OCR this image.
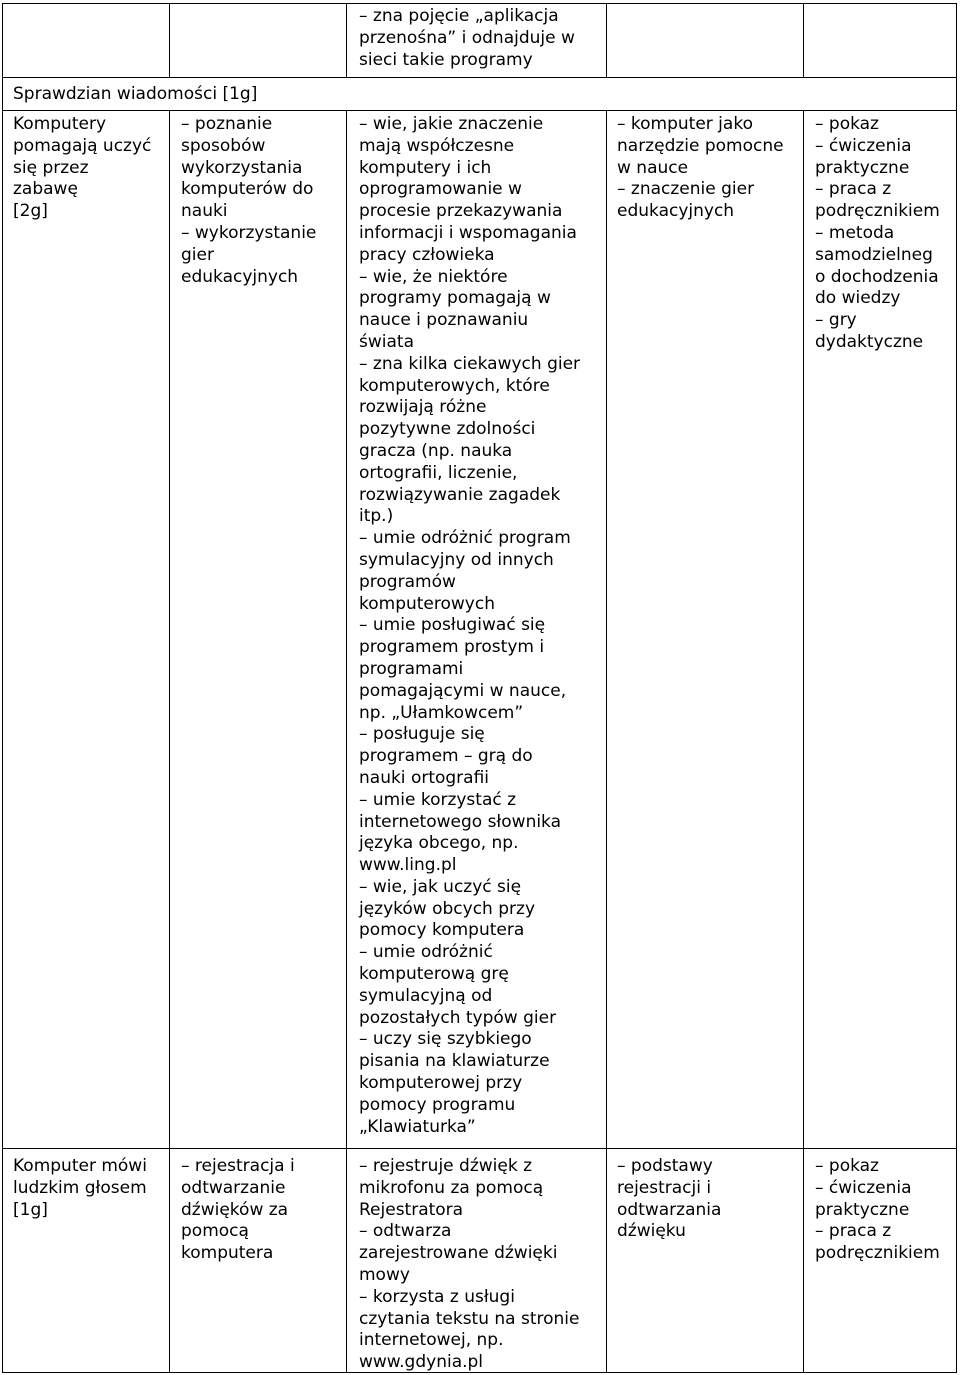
Sprawdzian wiadomości [1g]
– zna pojęcie „aplikacja
przenośna” i odnajduje w
sieci takie programy
Komputery
pomagają uczyć
się przez
zabawę
[2g]
– poznanie
sposobów
wykorzystania
komputerów do
nauki
– wykorzystanie
gier
edukacyjnych
– wie, jakie znaczenie
mają współczesne
komputery i ich
oprogramowanie w
procesie przekazywania
informacji i wspomagania
pracy człowieka
– wie, że niektóre
programy pomagają w
nauce i poznawaniu
świata
– zna kilka ciekawych gier
komputerowych, które
rozwijają różne
pozytywne zdolności
gracza (np. nauka
ortografii, liczenie,
rozwiązywanie zagadek
itp.)
– umie odróżnić program
symulacyjny od innych
programów
komputerowych
– umie posługiwać się
programem prostym i
programami
pomagającymi w nauce,
np. „Ułamkowcem”
– posługuje się
programem – grą do
nauki ortografii
– umie korzystać z
internetowego słownika
języka obcego, np.
www.ling.pl
– wie, jak uczyć się
języków obcych przy
pomocy komputera
– umie odróżnić
komputerową grę
symulacyjną od
pozostałych typów gier
– uczy się szybkiego
pisania na klawiaturze
komputerowej przy
pomocy programu
„Klawiaturka”
– komputer jako
narzędzie pomocne
w nauce
– znaczenie gier
edukacyjnych
– pokaz
– ćwiczenia
praktyczne
– praca z
podręcznikiem
– metoda
samodzielneg
o dochodzenia
do wiedzy
– gry
dydaktyczne
Komputer mówi
ludzkim głosem
[1g]
– rejestracja i
odtwarzanie
dźwięków za
pomocą
komputera
– rejestruje dźwięk z
mikrofonu za pomocą
Rejestratora
– odtwarza
zarejestrowane dźwięki
mowy
– korzysta z usługi
czytania tekstu na stronie
internetowej, np.
www.gdynia.pl
– podstawy
rejestracji i
odtwarzania
dźwięku
– pokaz
– ćwiczenia
praktyczne
– praca z
podręcznikiem
